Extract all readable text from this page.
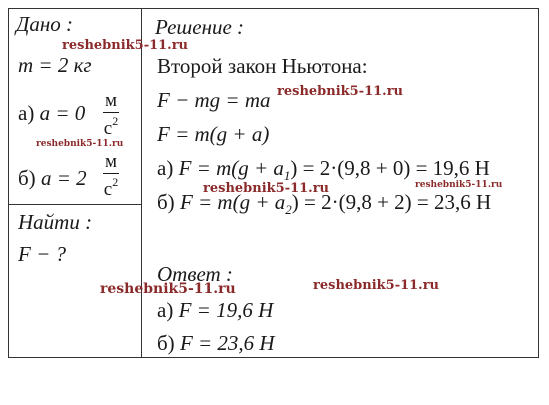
Дано :
m = 2 кг
а) a = 0
м
$с^2$
б) a = 2
м
$с^2$
Найти :
F − ?
Решение :
Второй закон Ньютона:
F − mg = ma
F = m(g + a)
а) $F = m(g + a_1) = 2\cdot(9,8 + 0) = 19,6$ Н
б) $F = m(g + a_2) = 2\cdot(9,8 + 2) = 23,6$ Н
Ответ :
а) F = 19,6 Н
б) F = 23,6 Н
reshebnik5-11.ru
reshebnik5-11.ru
reshebnik5-11.ru
reshebnik5-11.ru	reshebnik5-11.ru
reshebnik5-11.ru	reshebnik5-11.ru
